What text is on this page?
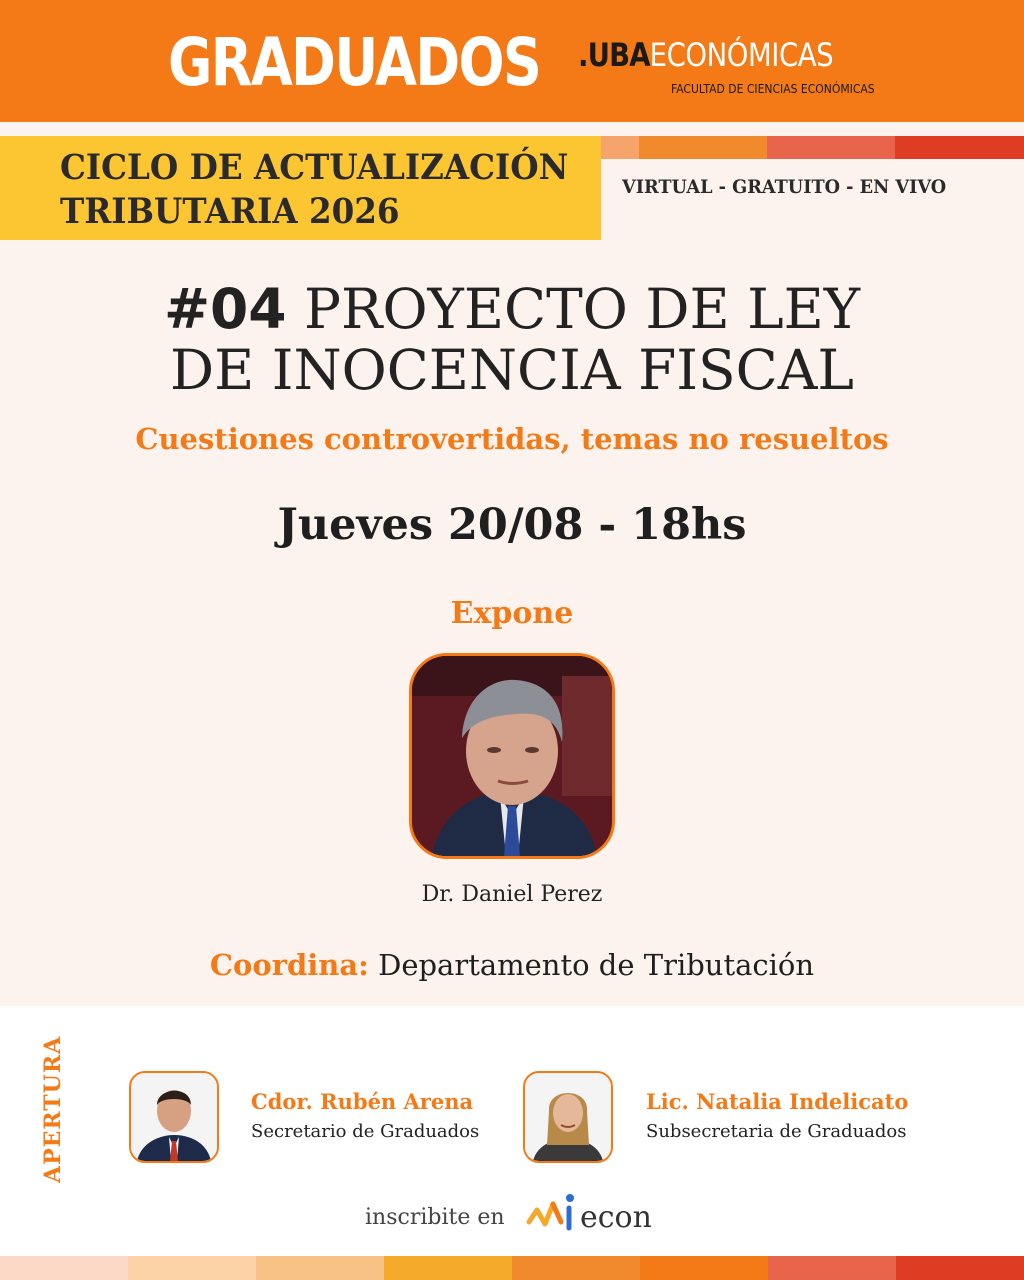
GRADUADOS .UBAECONÓMICAS
FACULTAD DE CIENCIAS ECONÓMICAS
CICLO DE ACTUALIZACIÓN
TRIBUTARIA 2026
VIRTUAL - GRATUITO - EN VIVO
#04 PROYECTO DE LEY
DE INOCENCIA FISCAL
Cuestiones controvertidas, temas no resueltos
Jueves 20/08 - 18hs
Expone
Dr. Daniel Perez
Coordina: Departamento de Tributación
APERTURA	Cdor. Rubén Arena
Secretario de Graduados
Lic. Natalia Indelicato
Subsecretaria de Graduados
inscribite en	econ
